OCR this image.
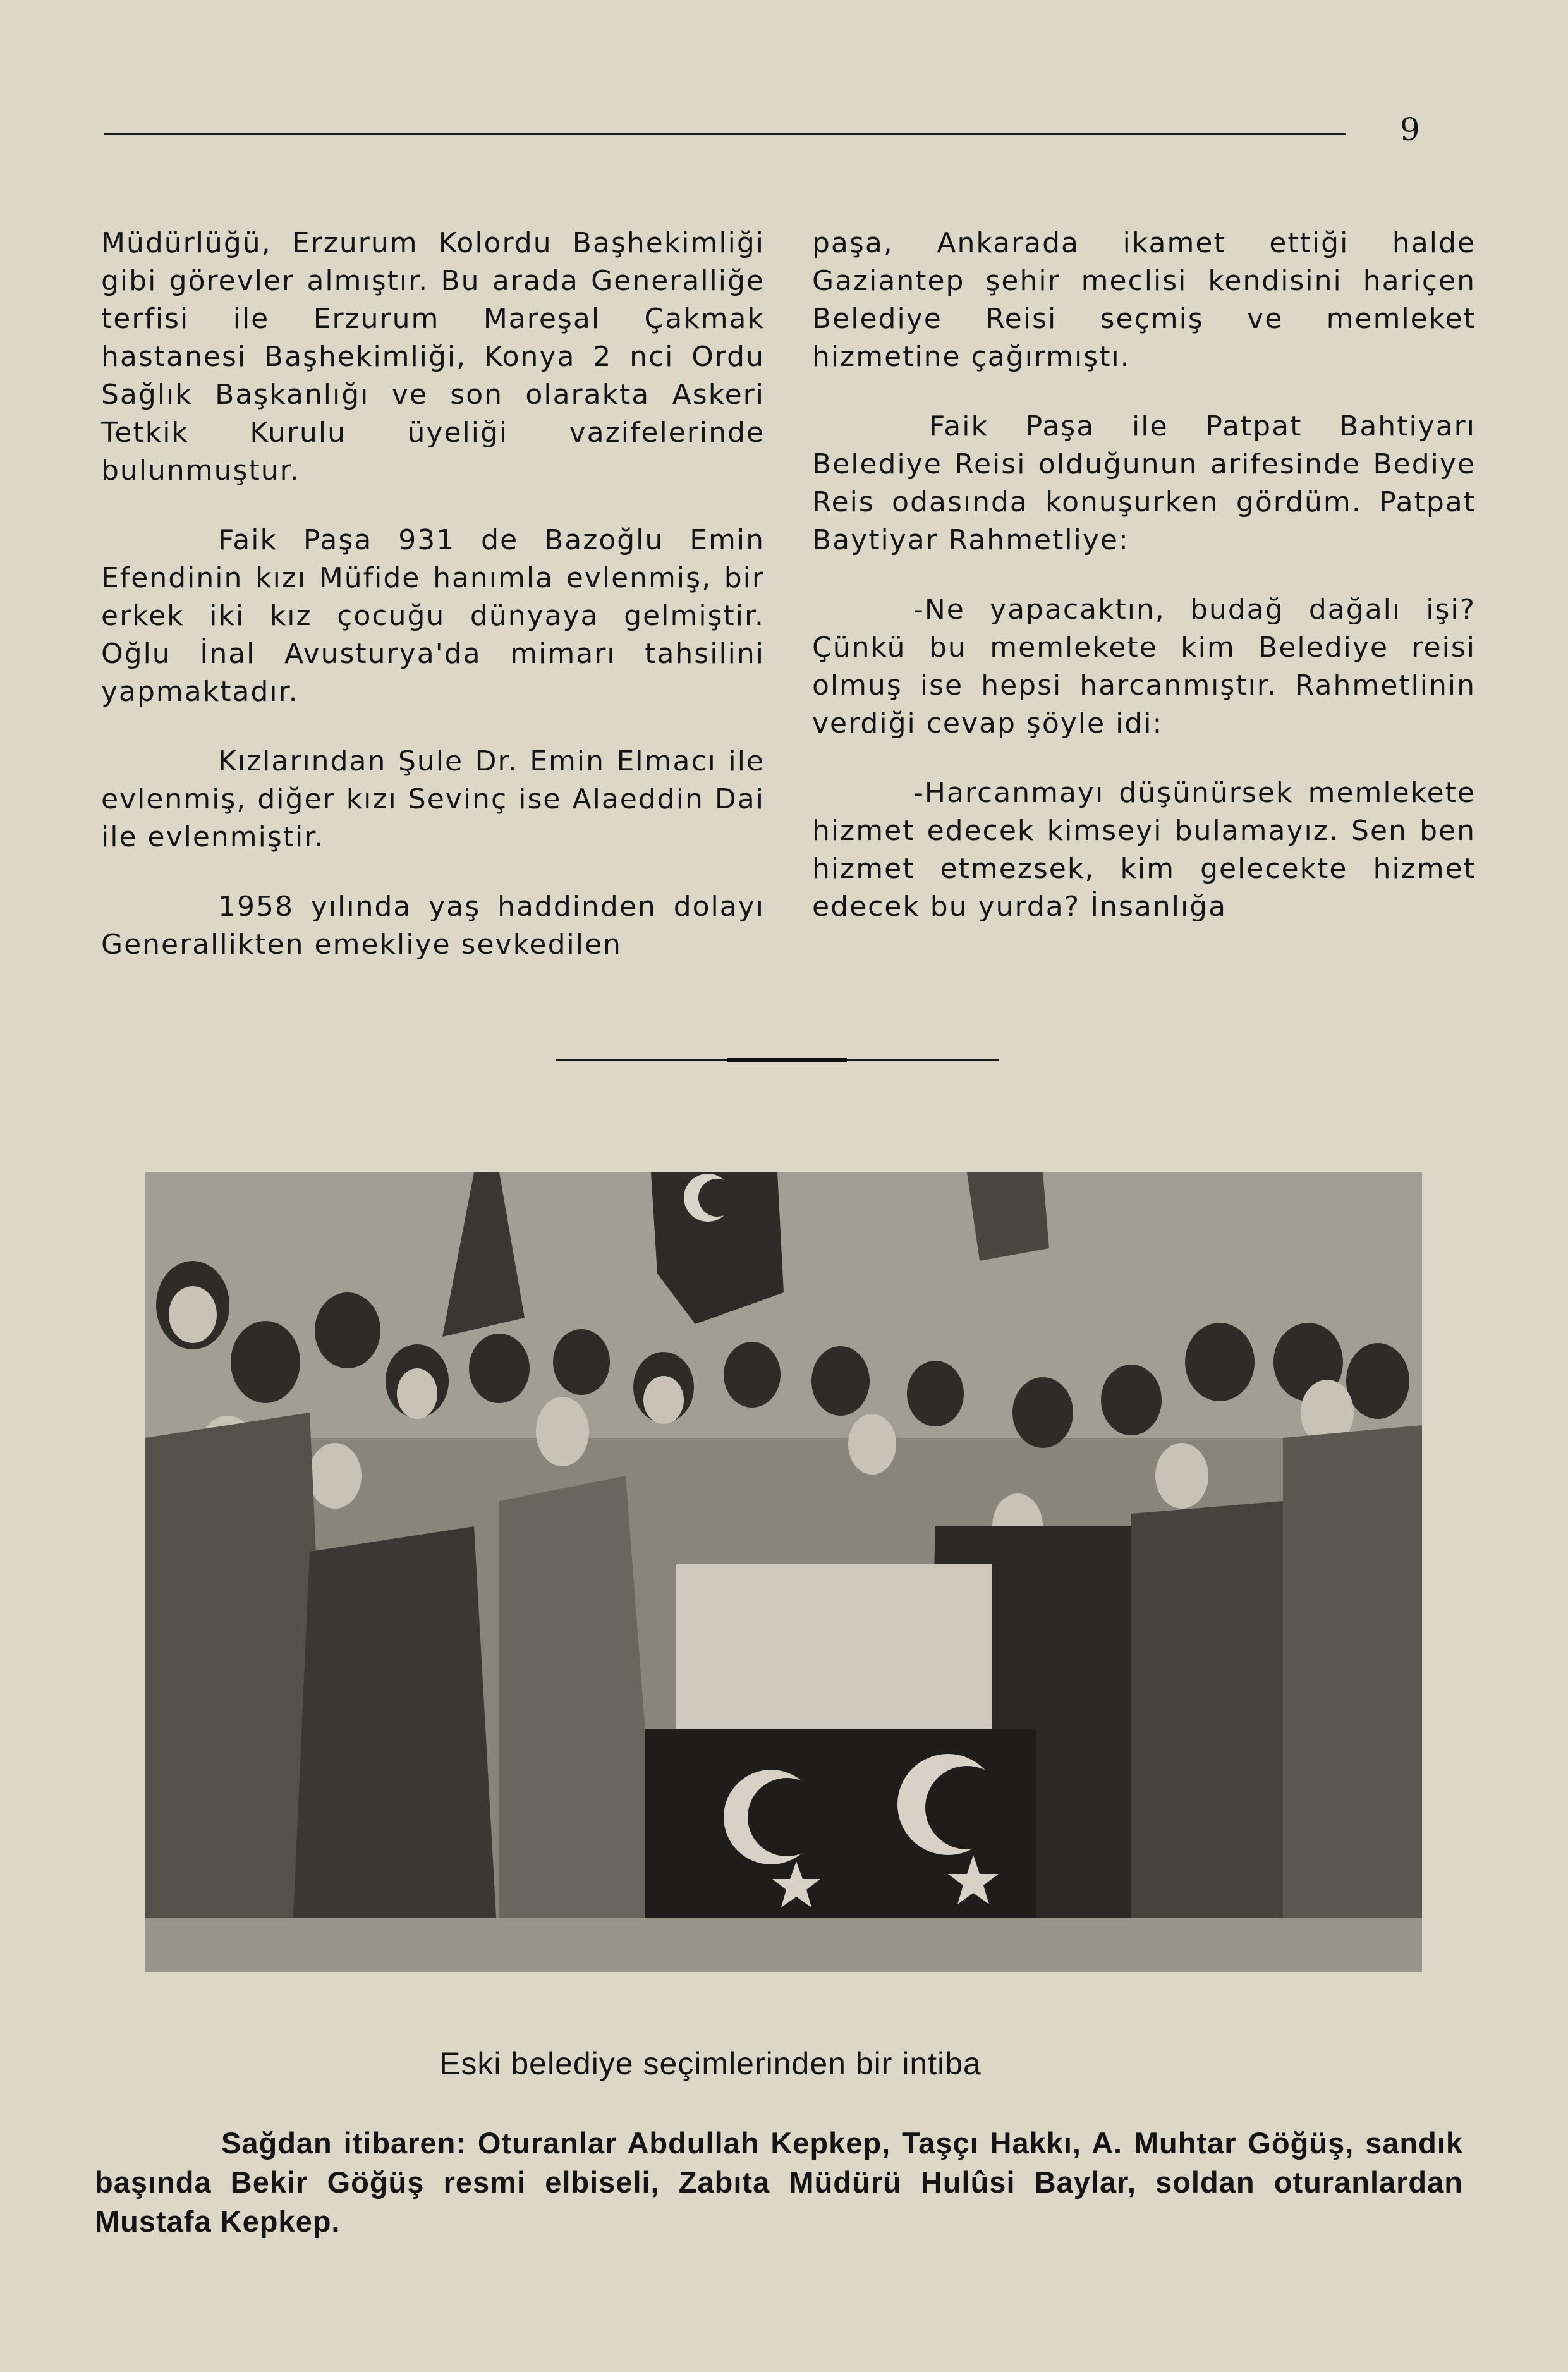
9

Müdürlüğü, Erzurum Kolordu Başhekimliği gibi görevler almıştır. Bu arada Generalliğe terfisi ile Erzurum Mareşal Çakmak hastanesi Başhekimliği, Konya 2 nci Ordu Sağlık Başkanlığı ve son olarakta Askeri Tetkik Kurulu üyeliği vazifelerinde bulunmuştur.

Faik Paşa 931 de Bazoğlu Emin Efendinin kızı Müfide hanımla evlenmiş, bir erkek iki kız çocuğu dünyaya gelmiştir. Oğlu İnal Avusturya'da mimarı tahsilini yapmaktadır.

Kızlarından Şule Dr. Emin Elmacı ile evlenmiş, diğer kızı Sevinç ise Alaeddin Dai ile evlenmiştir.

1958 yılında yaş haddinden dolayı Generallikten emekliye sevkedilen

paşa, Ankarada ikamet ettiği halde Gaziantep şehir meclisi kendisini hariçen Belediye Reisi seçmiş ve memleket hizmetine çağırmıştı.

Faik Paşa ile Patpat Bahtiyarı Belediye Reisi olduğunun arifesinde Bediye Reis odasında konuşurken gördüm. Patpat Baytiyar Rahmetliye:

-Ne yapacaktın, budağ dağalı işi? Çünkü bu memlekete kim Belediye reisi olmuş ise hepsi harcanmıştır. Rahmetlinin verdiği cevap şöyle idi:

-Harcanmayı düşünürsek memlekete hizmet edecek kimseyi bulamayız. Sen ben hizmet etmezsek, kim gelecekte hizmet edecek bu yurda? İnsanlığa

Eski belediye seçimlerinden bir intiba

Sağdan itibaren: Oturanlar Abdullah Kepkep, Taşçı Hakkı, A. Muhtar Göğüş, sandık başında Bekir Göğüş resmi elbiseli, Zabıta Müdürü Hulûsi Baylar, soldan oturanlardan Mustafa Kepkep.
